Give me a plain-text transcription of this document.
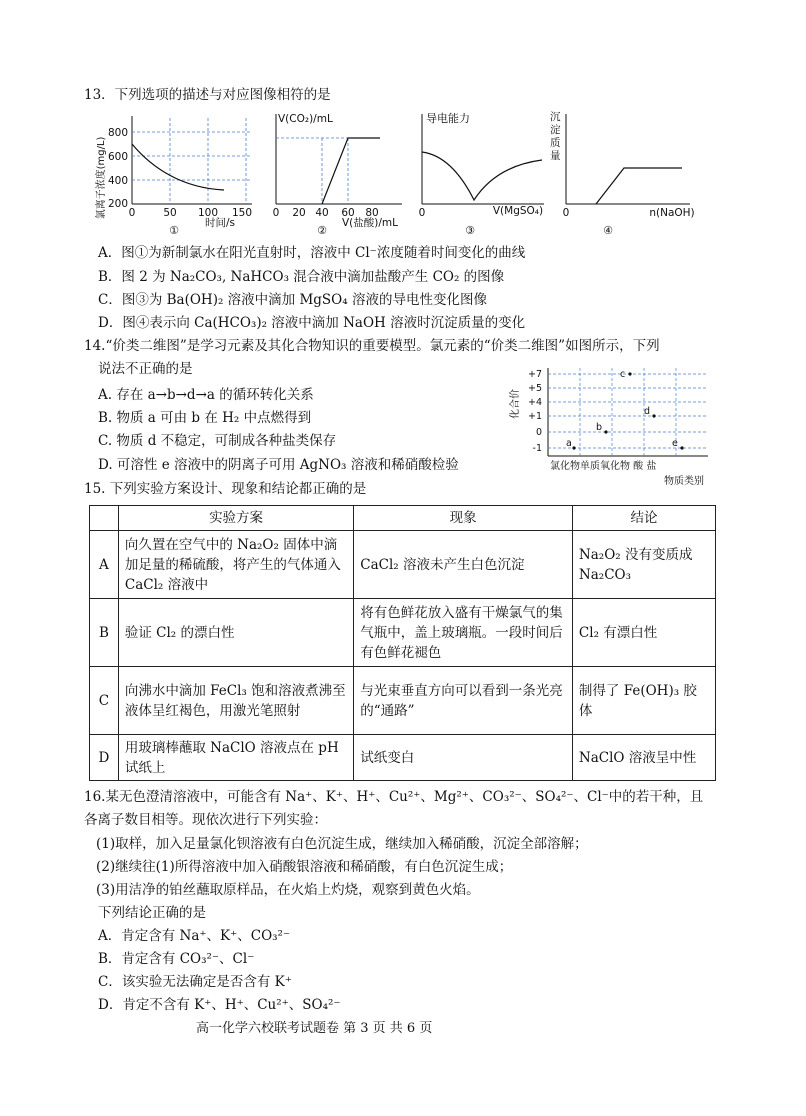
13．下列选项的描述与对应图像相符的是
氯离子浓度(mg/L)
800
600
400
200
0	50 100 150
时间/s
①
V(CO₂)/mL
0 20 40 60 80
V(盐酸)/mL
②
导电能力
0	V(MgSO₄)
③
沉
淀
质
量
0	n(NaOH)
④
A．图①为新制氯水在阳光直射时，溶液中 Cl⁻浓度随着时间变化的曲线
B．图 2 为 Na₂CO₃, NaHCO₃ 混合液中滴加盐酸产生 CO₂ 的图像
C．图③为 Ba(OH)₂ 溶液中滴加 MgSO₄ 溶液的导电性变化图像
D．图④表示向 Ca(HCO₃)₂ 溶液中滴加 NaOH 溶液时沉淀质量的变化
14.“价类二维图”是学习元素及其化合物知识的重要模型。氯元素的“价类二维图”如图所示，下列
说法不正确的是
A. 存在 a→b→d→a 的循环转化关系
B. 物质 a 可由 b 在 H₂ 中点燃得到
C. 物质 d 不稳定，可制成各种盐类保存
D. 可溶性 e 溶液中的阴离子可用 AgNO₃ 溶液和稀硝酸检验
化合价
+7
+5
+4
+1
0
-1	a
b
c
d
e
氯化物单质氧化物 酸 盐
物质类别
15. 下列实验方案设计、现象和结论都正确的是
	实验方案	现象	结论
A	向久置在空气中的 Na₂O₂ 固体中滴加足量的稀硫酸，将产生的气体通入 CaCl₂ 溶液中	CaCl₂ 溶液未产生白色沉淀	Na₂O₂ 没有变质成 Na₂CO₃
B	验证 Cl₂ 的漂白性	将有色鲜花放入盛有干燥氯气的集气瓶中，盖上玻璃瓶。一段时间后有色鲜花褪色	Cl₂ 有漂白性
C	向沸水中滴加 FeCl₃ 饱和溶液煮沸至液体呈红褐色，用激光笔照射	与光束垂直方向可以看到一条光亮的“通路”	制得了 Fe(OH)₃ 胶体
D	用玻璃棒蘸取 NaClO 溶液点在 pH 试纸上	试纸变白	NaClO 溶液呈中性
16.某无色澄清溶液中，可能含有 Na⁺、K⁺、H⁺、Cu²⁺、Mg²⁺、CO₃²⁻、SO₄²⁻、Cl⁻中的若干种，且
各离子数目相等。现依次进行下列实验：
(1)取样，加入足量氯化钡溶液有白色沉淀生成，继续加入稀硝酸，沉淀全部溶解；
(2)继续往(1)所得溶液中加入硝酸银溶液和稀硝酸，有白色沉淀生成；
(3)用洁净的铂丝蘸取原样品，在火焰上灼烧，观察到黄色火焰。
下列结论正确的是
A．肯定含有 Na⁺、K⁺、CO₃²⁻
B．肯定含有 CO₃²⁻、Cl⁻
C．该实验无法确定是否含有 K⁺
D．肯定不含有 K⁺、H⁺、Cu²⁺、SO₄²⁻
高一化学六校联考试题卷 第 3 页 共 6 页
